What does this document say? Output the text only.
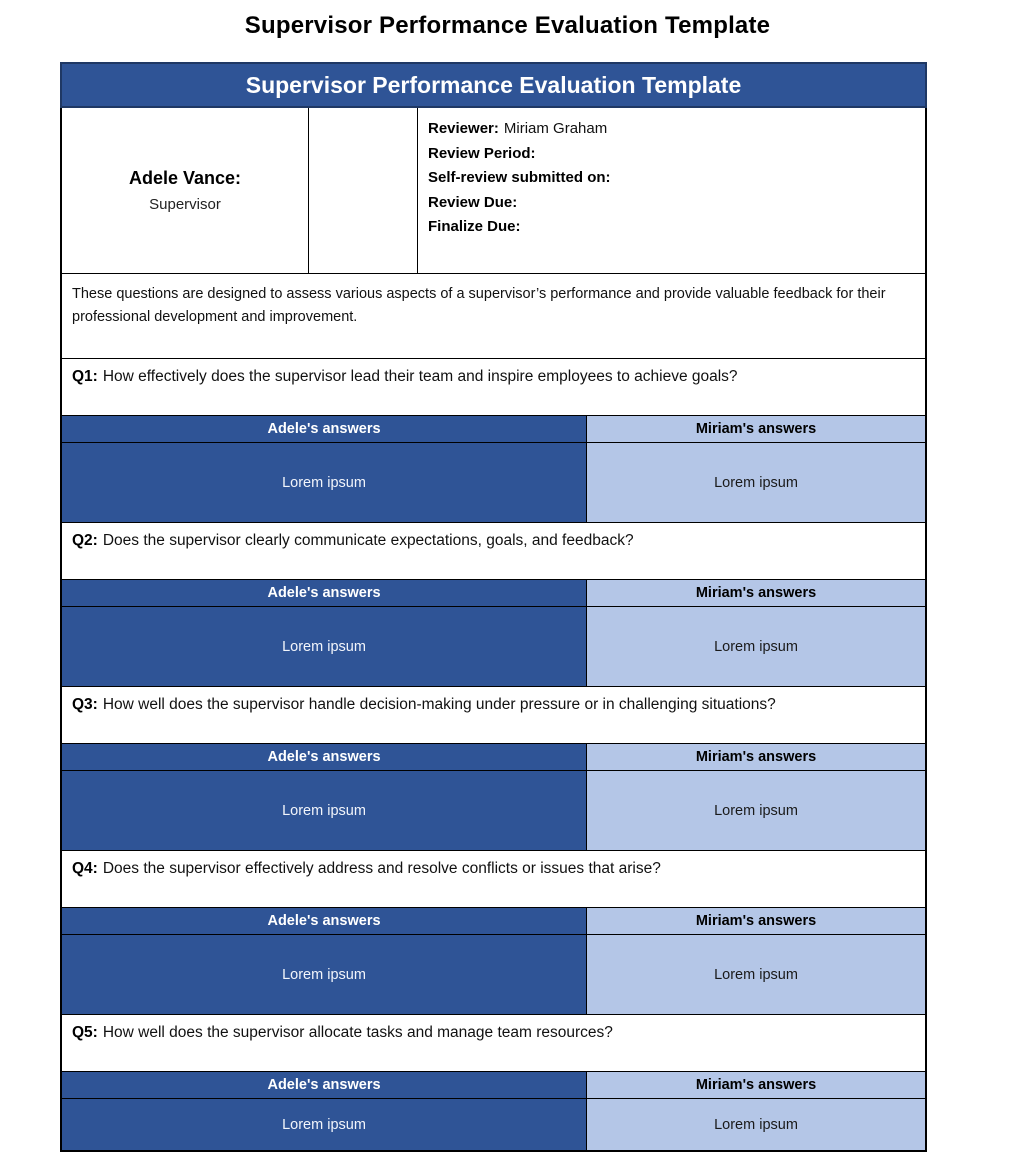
Supervisor Performance Evaluation Template
Supervisor Performance Evaluation Template
Adele Vance:
Supervisor
Reviewer: Miriam Graham
Review Period:
Self-review submitted on:
Review Due:
Finalize Due:
These questions are designed to assess various aspects of a supervisor’s performance and provide valuable feedback for their professional development and improvement.
Q1: How effectively does the supervisor lead their team and inspire employees to achieve goals?
Adele's answers	Miriam's answers
Lorem ipsum	Lorem ipsum
Q2: Does the supervisor clearly communicate expectations, goals, and feedback?
Adele's answers	Miriam's answers
Lorem ipsum	Lorem ipsum
Q3: How well does the supervisor handle decision-making under pressure or in challenging situations?
Adele's answers	Miriam's answers
Lorem ipsum	Lorem ipsum
Q4: Does the supervisor effectively address and resolve conflicts or issues that arise?
Adele's answers	Miriam's answers
Lorem ipsum	Lorem ipsum
Q5: How well does the supervisor allocate tasks and manage team resources?
Adele's answers	Miriam's answers
Lorem ipsum	Lorem ipsum
